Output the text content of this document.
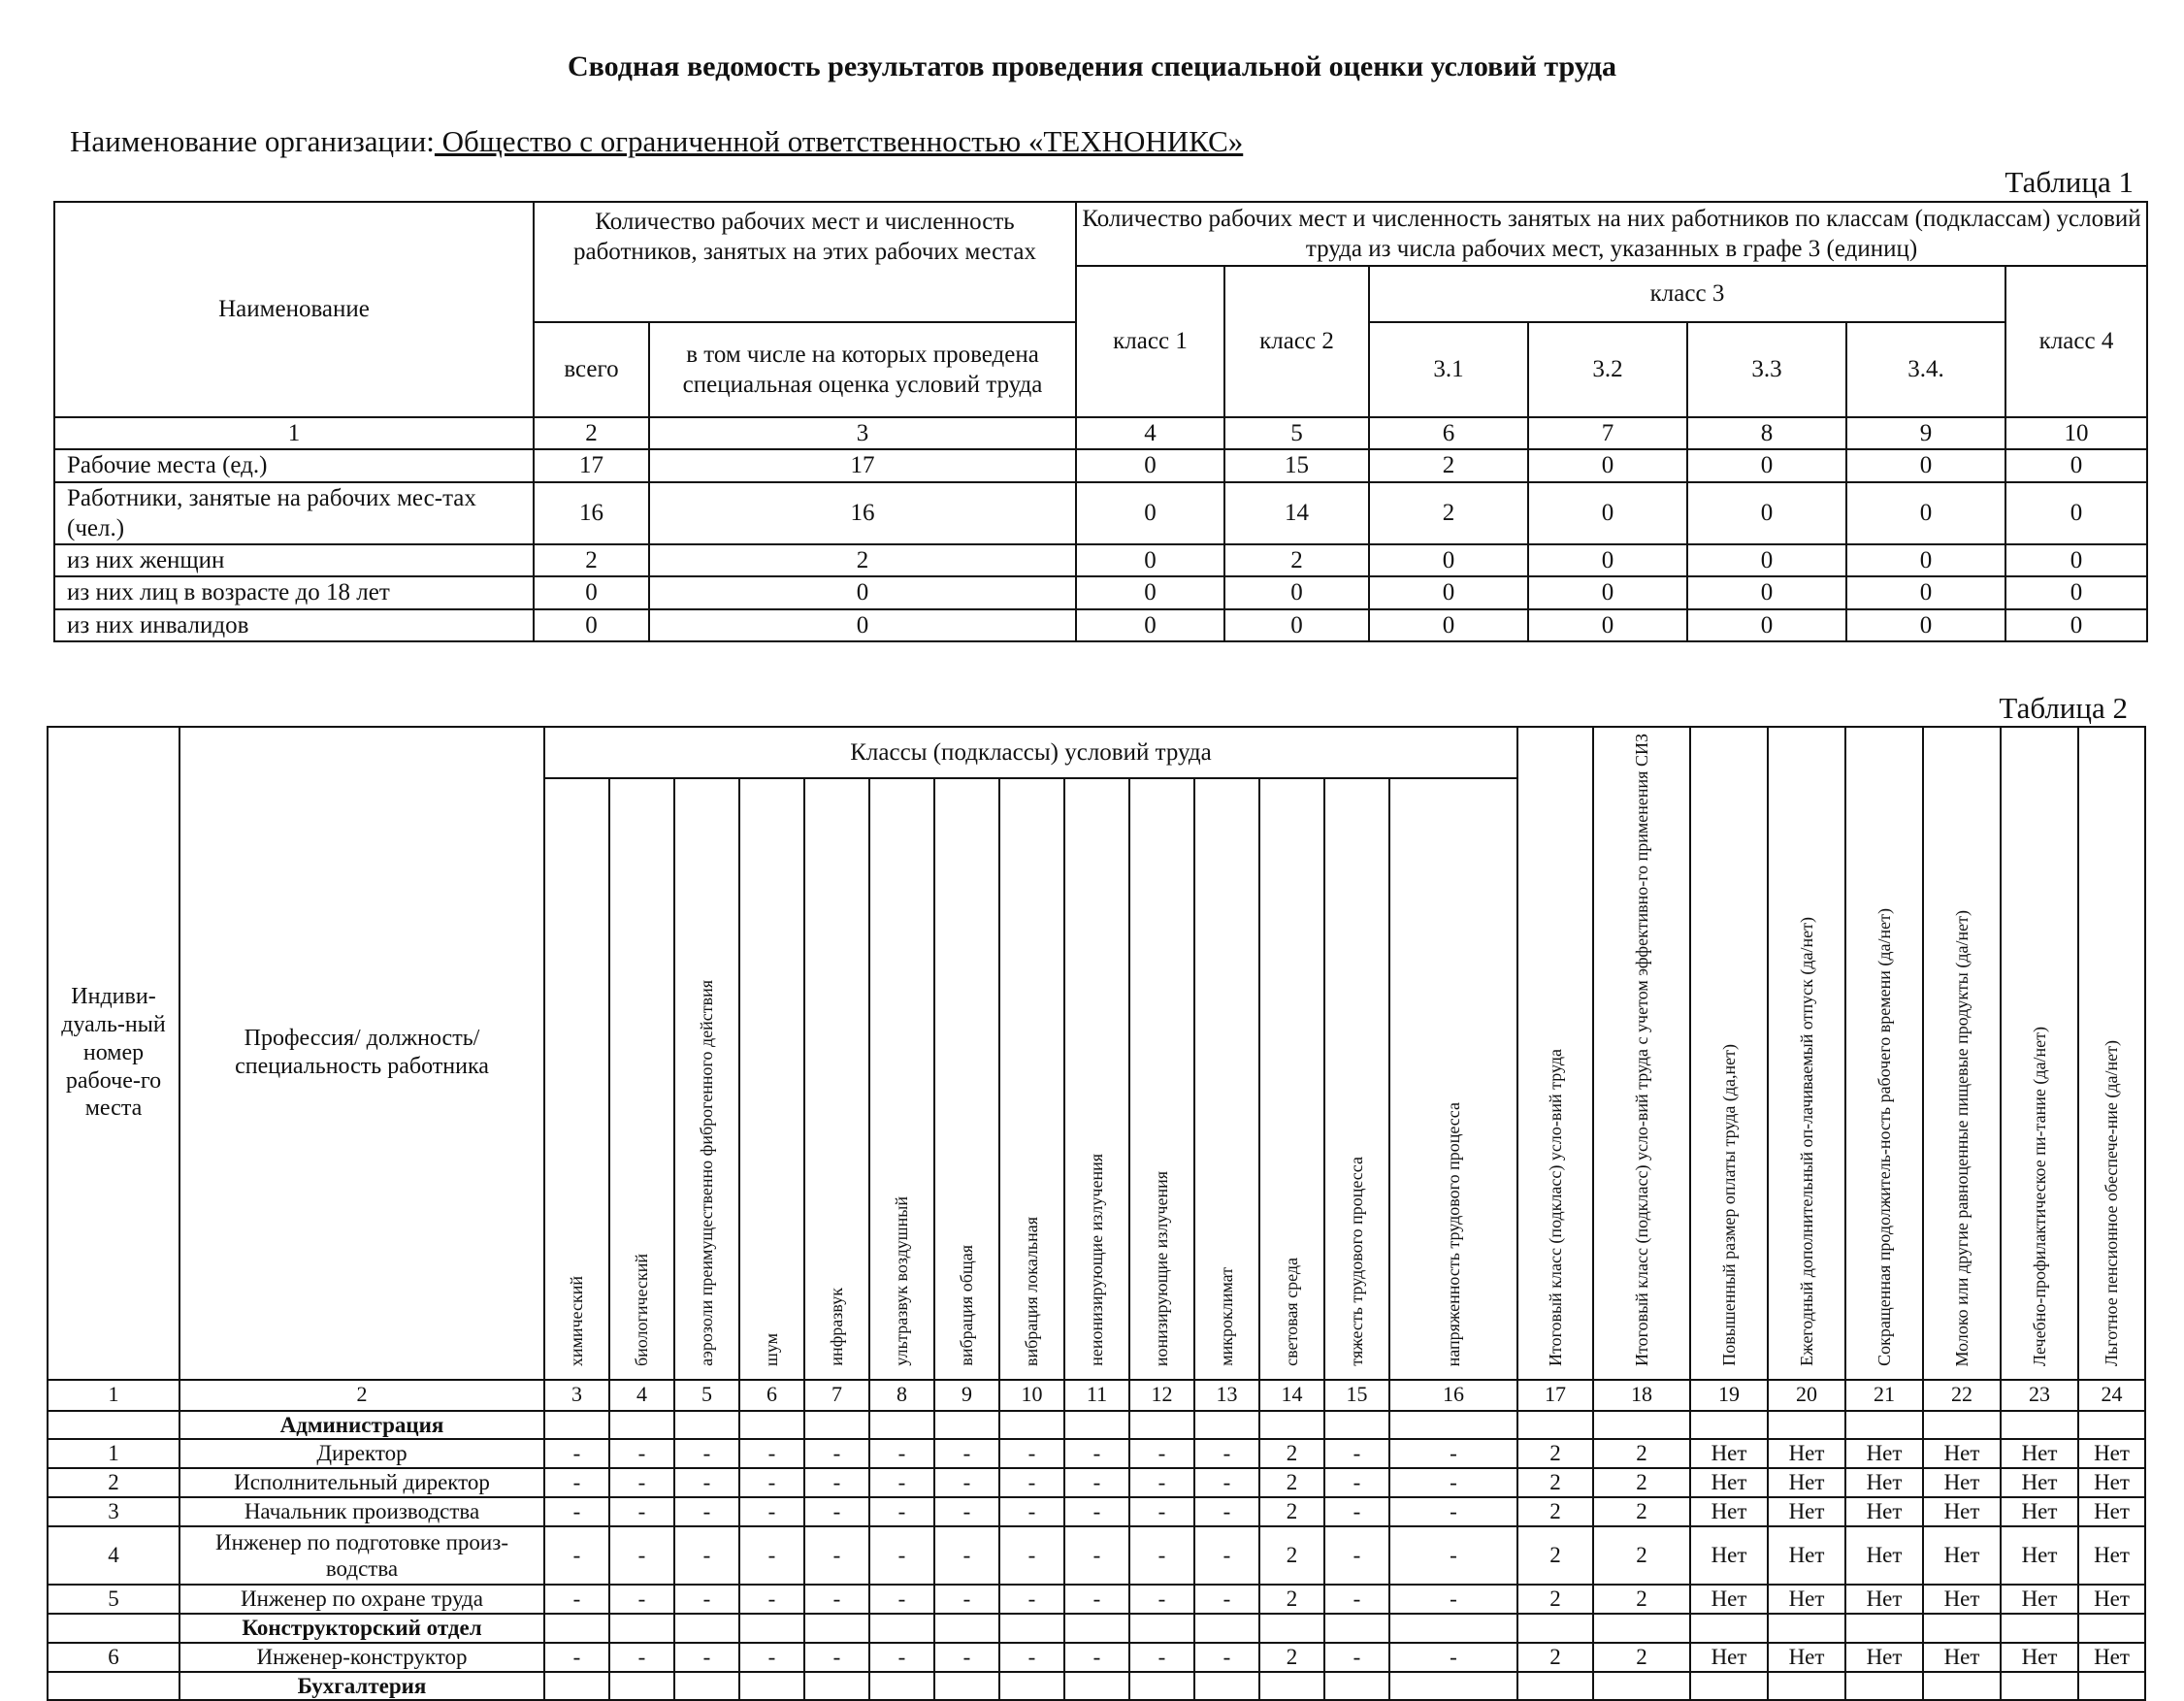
Сводная ведомость результатов проведения специальной оценки условий труда
Наименование организации: Общество с ограниченной ответственностью «ТЕХНОНИКС»
Таблица 1
Наименование	Количество рабочих мест и численность работников, занятых на этих рабочих местах		Количество рабочих мест и численность занятых на них работников по классам (подклассам) условий труда из числа рабочих мест, указанных в графе 3 (единиц)						
			класс 1	класс 2	класс 3				класс 4
	всего	в том числе на которых проведена специальная оценка условий труда			3.1	3.2	3.3	3.4.	
1	2	3	4	5	6	7	8	9	10
Рабочие места (ед.)	17	17	0	15	2	0	0	0	0
Работники, занятые на рабочих мес-тах (чел.)	16	16	0	14	2	0	0	0	0
из них женщин	2	2	0	2	0	0	0	0	0
из них лиц в возрасте до 18 лет	0	0	0	0	0	0	0	0	0
из них инвалидов	0	0	0	0	0	0	0	0	0
Таблица 2
Индиви-дуаль-ный номер рабоче-го места	Профессия/ должность/ специальность работника	Классы (подклассы) условий труда														Итоговый класс (подкласс) усло-вий труда	Итоговый класс (подкласс) усло-вий труда с учетом эффективно-го применения СИЗ	Повышенный размер оплаты труда (да,нет)	Ежегодный дополнительный оп-лачиваемый отпуск (да/нет)	Сокращенная продолжитель-ность рабочего времени (да/нет)	Молоко или другие равноценные пищевые продукты (да/нет)	Лечебно-профилактическое пи-тание (да/нет)	Льготное пенсионное обеспече-ние (да/нет)
		химический	биологический	аэрозоли преимущественно фиброгенного действия	шум	инфразвук	ультразвук воздушный	вибрация общая	вибрация локальная	неионизирующие излучения	ионизирующие излучения	микроклимат	световая среда	тяжесть трудового процесса	напряженность трудового процесса								
1	2	3	4	5	6	7	8	9	10	11	12	13	14	15	16	17	18	19	20	21	22	23	24
	Администрация																						
1	Директор	-	-	-	-	-	-	-	-	-	-	-	2	-	-	2	2	Нет	Нет	Нет	Нет	Нет	Нет
2	Исполнительный директор	-	-	-	-	-	-	-	-	-	-	-	2	-	-	2	2	Нет	Нет	Нет	Нет	Нет	Нет
3	Начальник производства	-	-	-	-	-	-	-	-	-	-	-	2	-	-	2	2	Нет	Нет	Нет	Нет	Нет	Нет
4	Инженер по подготовке произ-водства	-	-	-	-	-	-	-	-	-	-	-	2	-	-	2	2	Нет	Нет	Нет	Нет	Нет	Нет
5	Инженер по охране труда	-	-	-	-	-	-	-	-	-	-	-	2	-	-	2	2	Нет	Нет	Нет	Нет	Нет	Нет
	Конструкторский отдел																						
6	Инженер-конструктор	-	-	-	-	-	-	-	-	-	-	-	2	-	-	2	2	Нет	Нет	Нет	Нет	Нет	Нет
	Бухгалтерия																						
